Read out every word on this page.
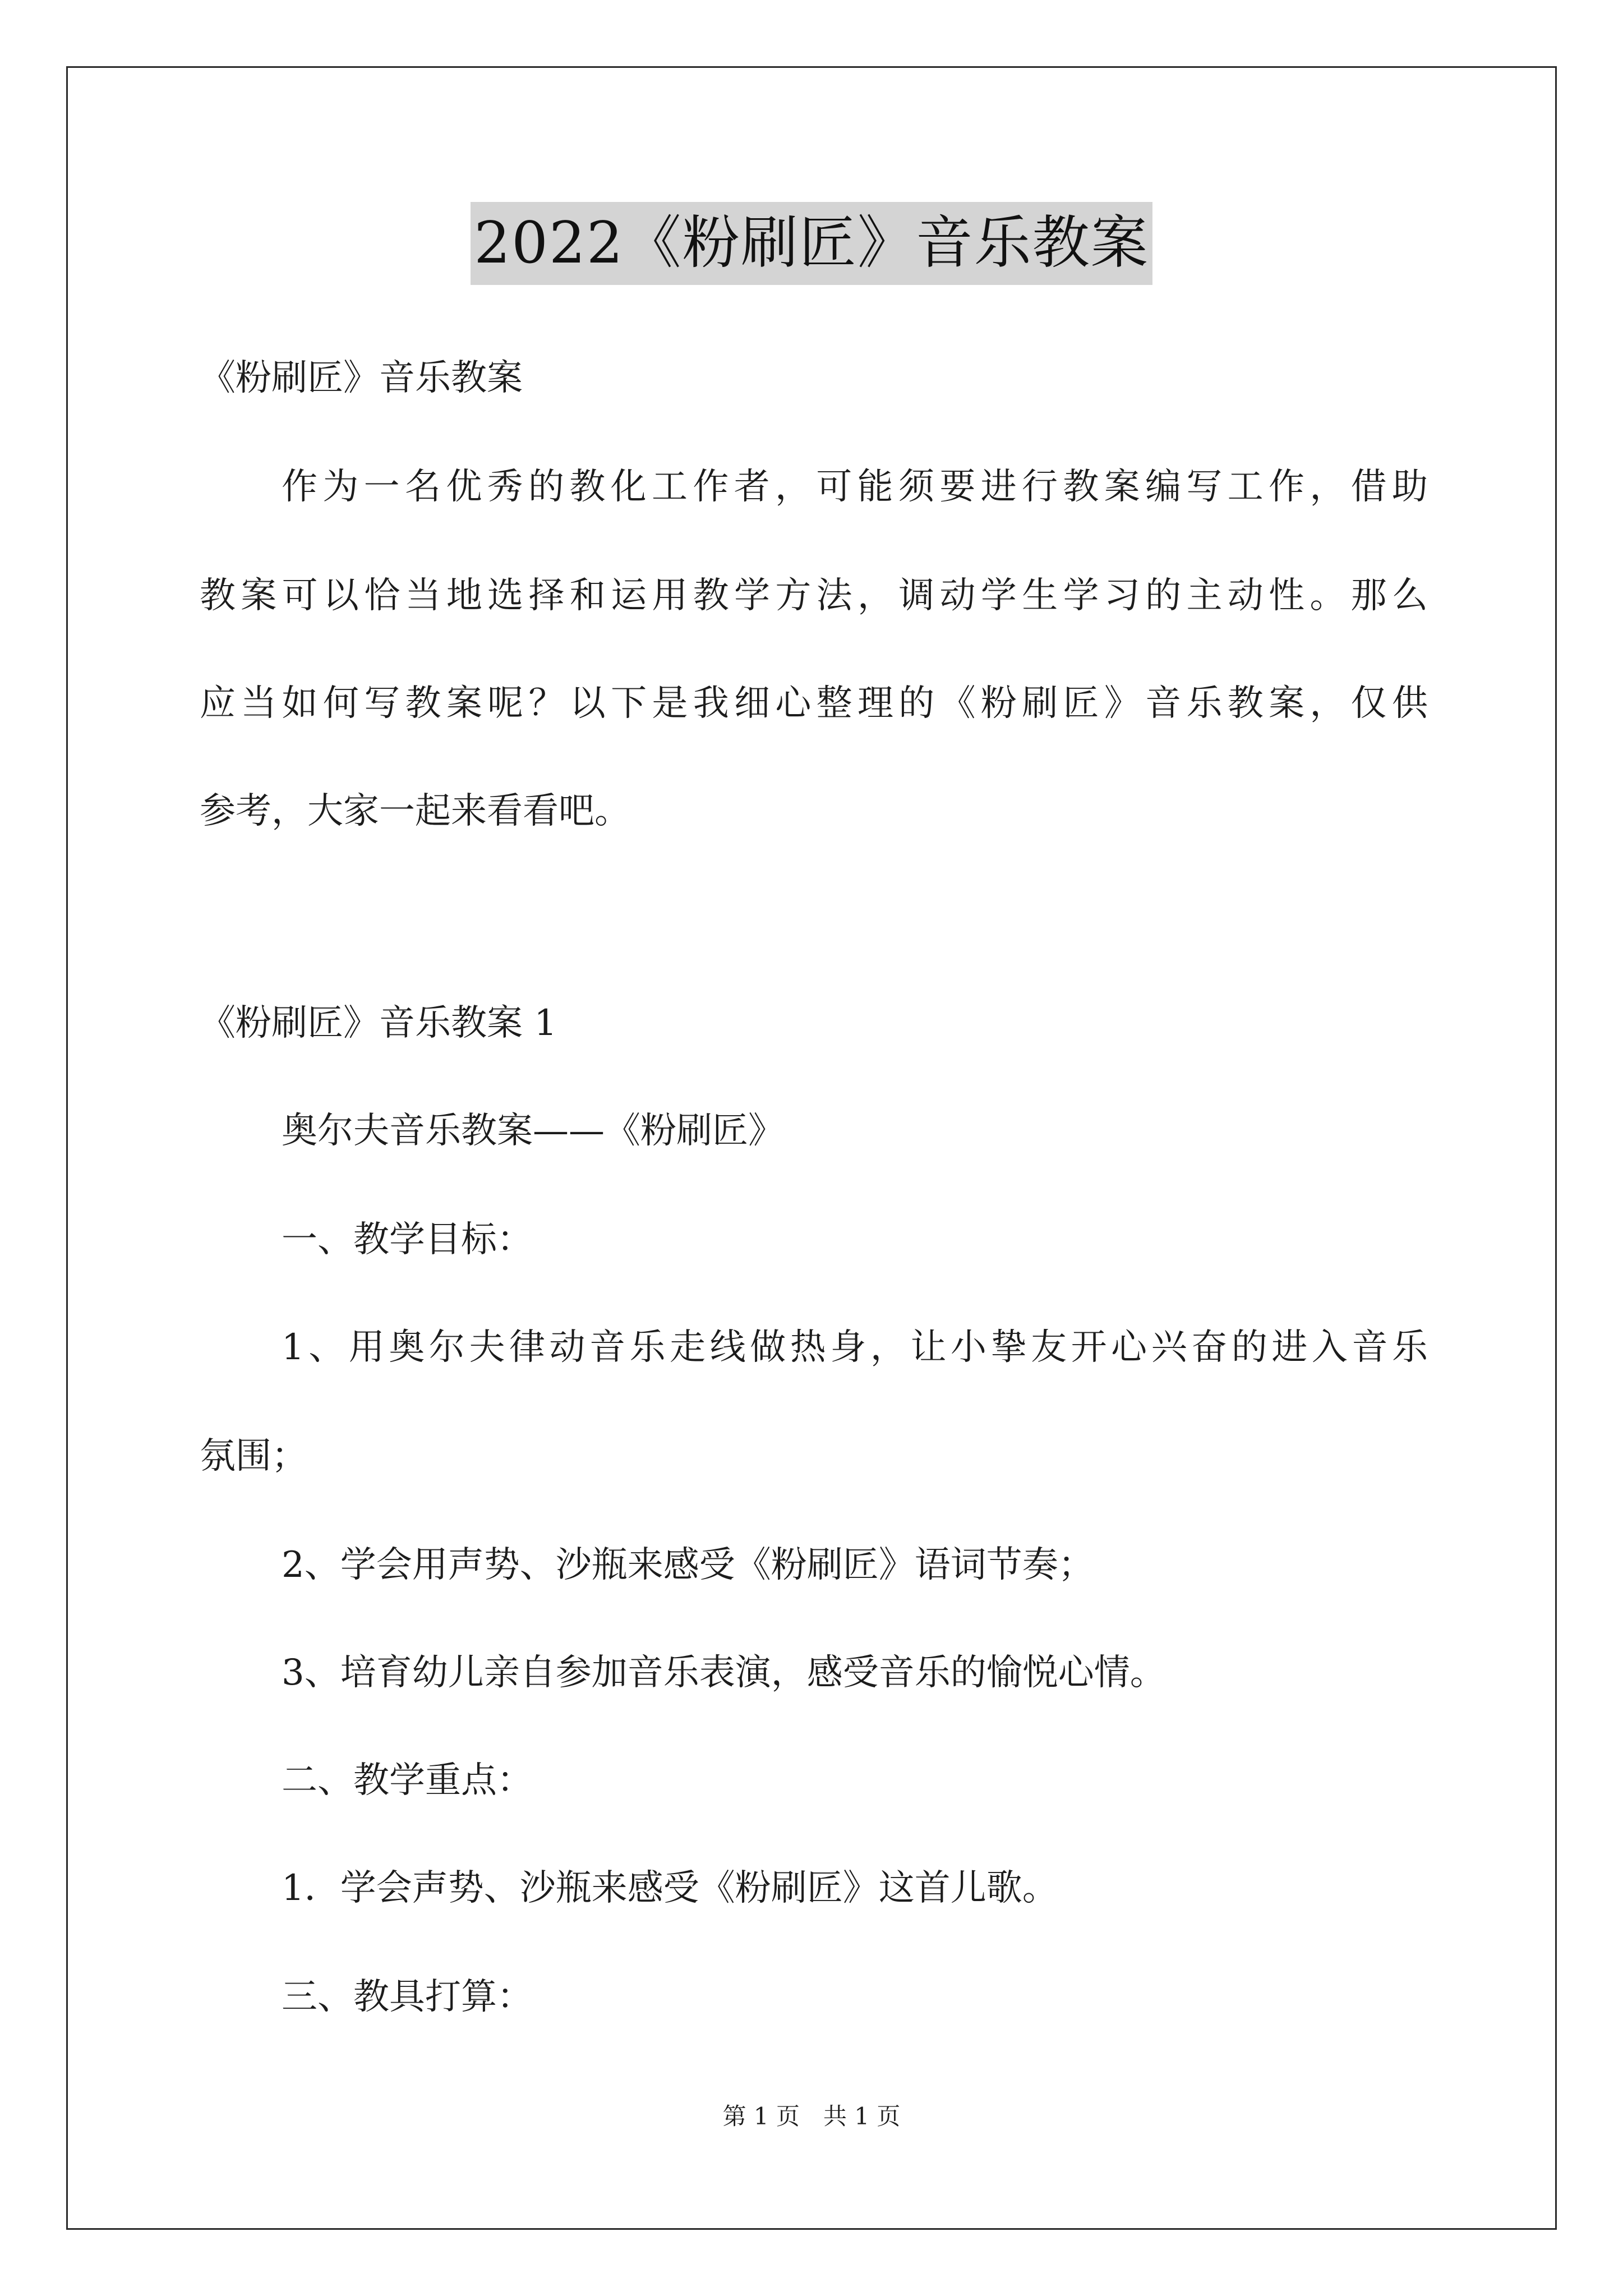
2022《粉刷匠》音乐教案
《粉刷匠》音乐教案
作为一名优秀的教化工作者，可能须要进行教案编写工作，借助
教案可以恰当地选择和运用教学方法，调动学生学习的主动性。那么
应当如何写教案呢？以下是我细心整理的《粉刷匠》音乐教案，仅供
参考，大家一起来看看吧。
《粉刷匠》音乐教案 1
奥尔夫音乐教案——《粉刷匠》
一、教学目标：
1、用奥尔夫律动音乐走线做热身，让小挚友开心兴奋的进入音乐
氛围；
2、学会用声势、沙瓶来感受《粉刷匠》语词节奏；
3、培育幼儿亲自参加音乐表演，感受音乐的愉悦心情。
二、教学重点：
1．学会声势、沙瓶来感受《粉刷匠》这首儿歌。
三、教具打算：
第 1 页　共 1 页
